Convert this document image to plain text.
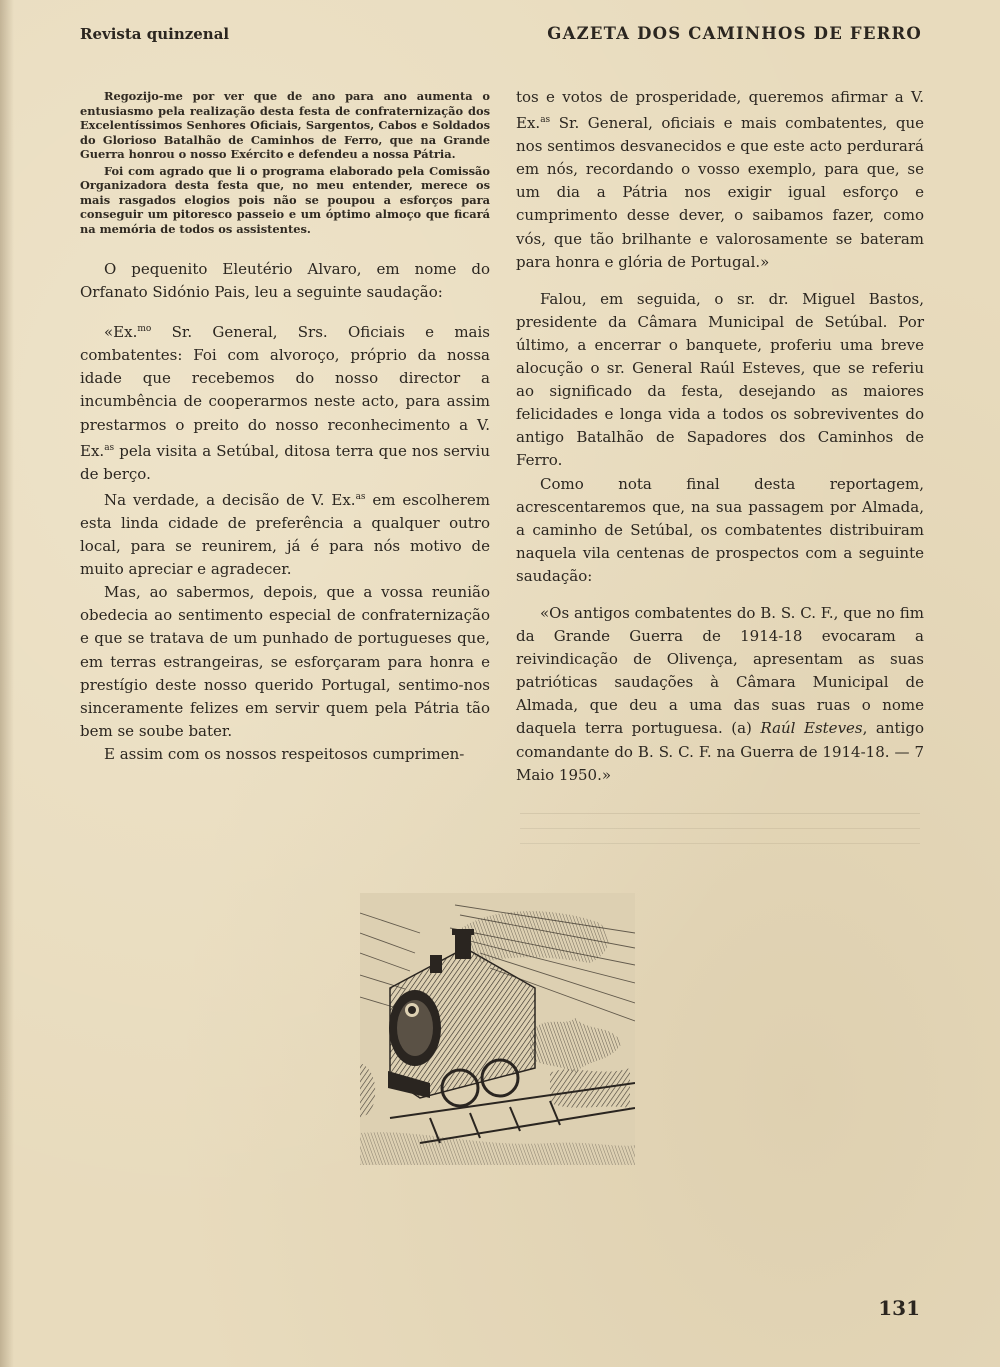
Revista quinzenal	GAZETA DOS CAMINHOS DE FERRO

Regozijo-me por ver que de ano para ano aumenta o entusiasmo pela realização desta festa de confraternização dos Excelentíssimos Senhores Oficiais, Sargentos, Cabos e Soldados do Glorioso Batalhão de Caminhos de Ferro, que na Grande Guerra honrou o nosso Exército e defendeu a nossa Pátria.

Foi com agrado que li o programa elaborado pela Comissão Organizadora desta festa que, no meu entender, merece os mais rasgados elogios pois não se poupou a esforços para conseguir um pitoresco passeio e um óptimo almoço que ficará na memória de todos os assistentes.

O pequenito Eleutério Alvaro, em nome do Orfanato Sidónio Pais, leu a seguinte saudação:

«Ex.$^{mo}$ Sr. General, Srs. Oficiais e mais combatentes: Foi com alvoroço, próprio da nossa idade que recebemos do nosso director a incumbência de cooperarmos neste acto, para assim prestarmos o preito do nosso reconhecimento a V. Ex.$^{as}$ pela visita a Setúbal, ditosa terra que nos serviu de berço.

Na verdade, a decisão de V. Ex.$^{as}$ em escolherem esta linda cidade de preferência a qualquer outro local, para se reunirem, já é para nós motivo de muito apreciar e agradecer.

Mas, ao sabermos, depois, que a vossa reunião obedecia ao sentimento especial de confraternização e que se tratava de um punhado de portugueses que, em terras estrangeiras, se esforçaram para honra e prestígio deste nosso querido Portugal, sentimo-nos sinceramente felizes em servir quem pela Pátria tão bem se soube bater.

E assim com os nossos respeitosos cumprimen-

tos e votos de prosperidade, queremos afirmar a V. Ex.$^{as}$ Sr. General, oficiais e mais combatentes, que nos sentimos desvanecidos e que este acto perdurará em nós, recordando o vosso exemplo, para que, se um dia a Pátria nos exigir igual esforço e cumprimento desse dever, o saibamos fazer, como vós, que tão brilhante e valorosamente se bateram para honra e glória de Portugal.»

Falou, em seguida, o sr. dr. Miguel Bastos, presidente da Câmara Municipal de Setúbal. Por último, a encerrar o banquete, proferiu uma breve alocução o sr. General Raúl Esteves, que se referiu ao significado da festa, desejando as maiores felicidades e longa vida a todos os sobreviventes do antigo Batalhão de Sapadores dos Caminhos de Ferro.

Como nota final desta reportagem, acrescentaremos que, na sua passagem por Almada, a caminho de Setúbal, os combatentes distribuiram naquela vila centenas de prospectos com a seguinte saudação:

«Os antigos combatentes do B. S. C. F., que no fim da Grande Guerra de 1914-18 evocaram a reivindicação de Olivença, apresentam as suas patrióticas saudações à Câmara Municipal de Almada, que deu a uma das suas ruas o nome daquela terra portuguesa. (a) Raúl Esteves, antigo comandante do B. S. C. F. na Guerra de 1914-18. — 7 Maio 1950.»

131
